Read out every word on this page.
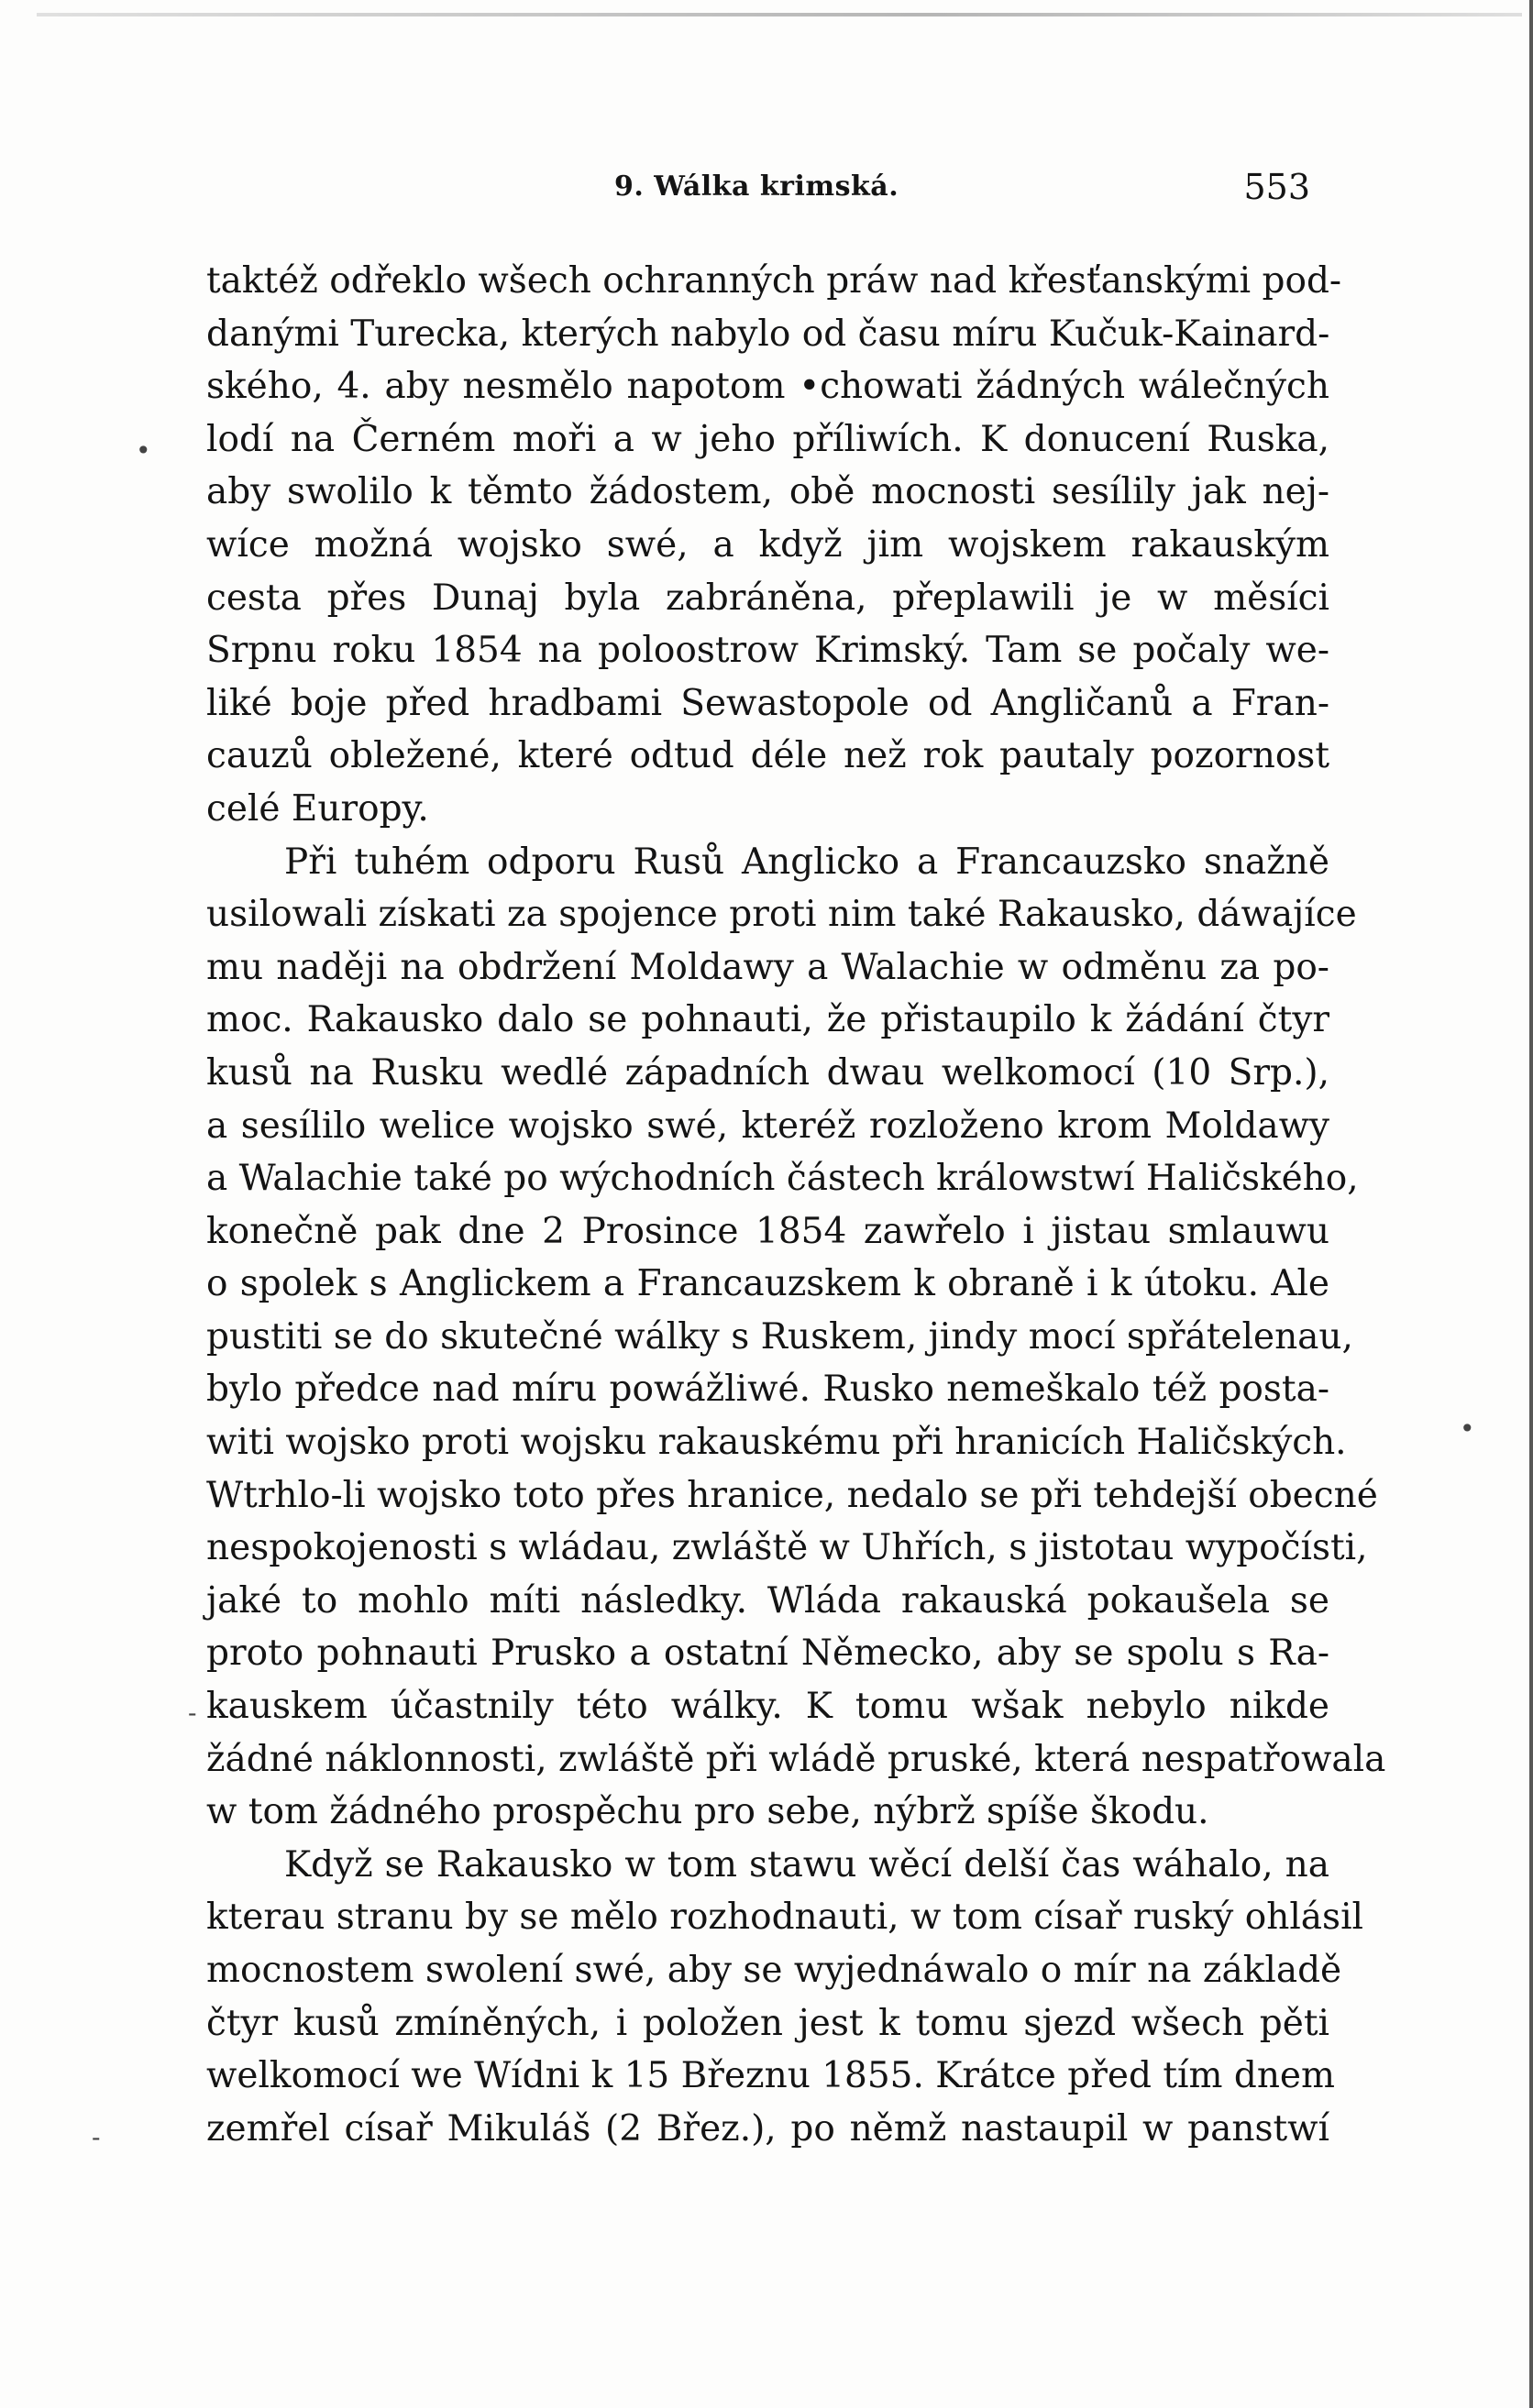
9. Wálka krimská.	553
taktéž odřeklo wšech ochranných práw nad křesťanskými pod-
danými Turecka, kterých nabylo od času míru Kučuk-Kainard-
ského, 4. aby nesmělo napotom •chowati žádných wálečných
lodí na Černém moři a w jeho příliwích. K donucení Ruska,
aby swolilo k těmto žádostem, obě mocnosti sesílily jak nej-
wíce možná wojsko swé, a když jim wojskem rakauským
cesta přes Dunaj byla zabráněna, přeplawili je w měsíci
Srpnu roku 1854 na poloostrow Krimský. Tam se počaly we-
liké boje před hradbami Sewastopole od Angličanů a Fran-
cauzů obležené, které odtud déle než rok pautaly pozornost
celé Europy.
Při tuhém odporu Rusů Anglicko a Francauzsko snažně
usilowali získati za spojence proti nim také Rakausko, dáwajíce
mu naději na obdržení Moldawy a Walachie w odměnu za po-
moc. Rakausko dalo se pohnauti, že přistaupilo k žádání čtyr
kusů na Rusku wedlé západních dwau welkomocí (10 Srp.),
a sesílilo welice wojsko swé, kteréž rozloženo krom Moldawy
a Walachie také po wýchodních částech králowstwí Haličského,
konečně pak dne 2 Prosince 1854 zawřelo i jistau smlauwu
o spolek s Anglickem a Francauzskem k obraně i k útoku. Ale
pustiti se do skutečné wálky s Ruskem, jindy mocí spřátelenau,
bylo předce nad míru powážliwé. Rusko nemeškalo též posta-
witi wojsko proti wojsku rakauskému při hranicích Haličských.
Wtrhlo-li wojsko toto přes hranice, nedalo se při tehdejší obecné
nespokojenosti s wládau, zwláště w Uhřích, s jistotau wypočísti,
jaké to mohlo míti následky. Wláda rakauská pokaušela se
proto pohnauti Prusko a ostatní Německo, aby se spolu s Ra-
kauskem účastnily této wálky. K tomu wšak nebylo nikde
žádné náklonnosti, zwláště při wládě pruské, která nespatřowala
w tom žádného prospěchu pro sebe, nýbrž spíše škodu.
Když se Rakausko w tom stawu wěcí delší čas wáhalo, na
kterau stranu by se mělo rozhodnauti, w tom císař ruský ohlásil
mocnostem swolení swé, aby se wyjednáwalo o mír na základě
čtyr kusů zmíněných, i položen jest k tomu sjezd wšech pěti
welkomocí we Wídni k 15 Březnu 1855. Krátce před tím dnem
zemřel císař Mikuláš (2 Břez.), po němž nastaupil w panstwí
•
•
-
-
